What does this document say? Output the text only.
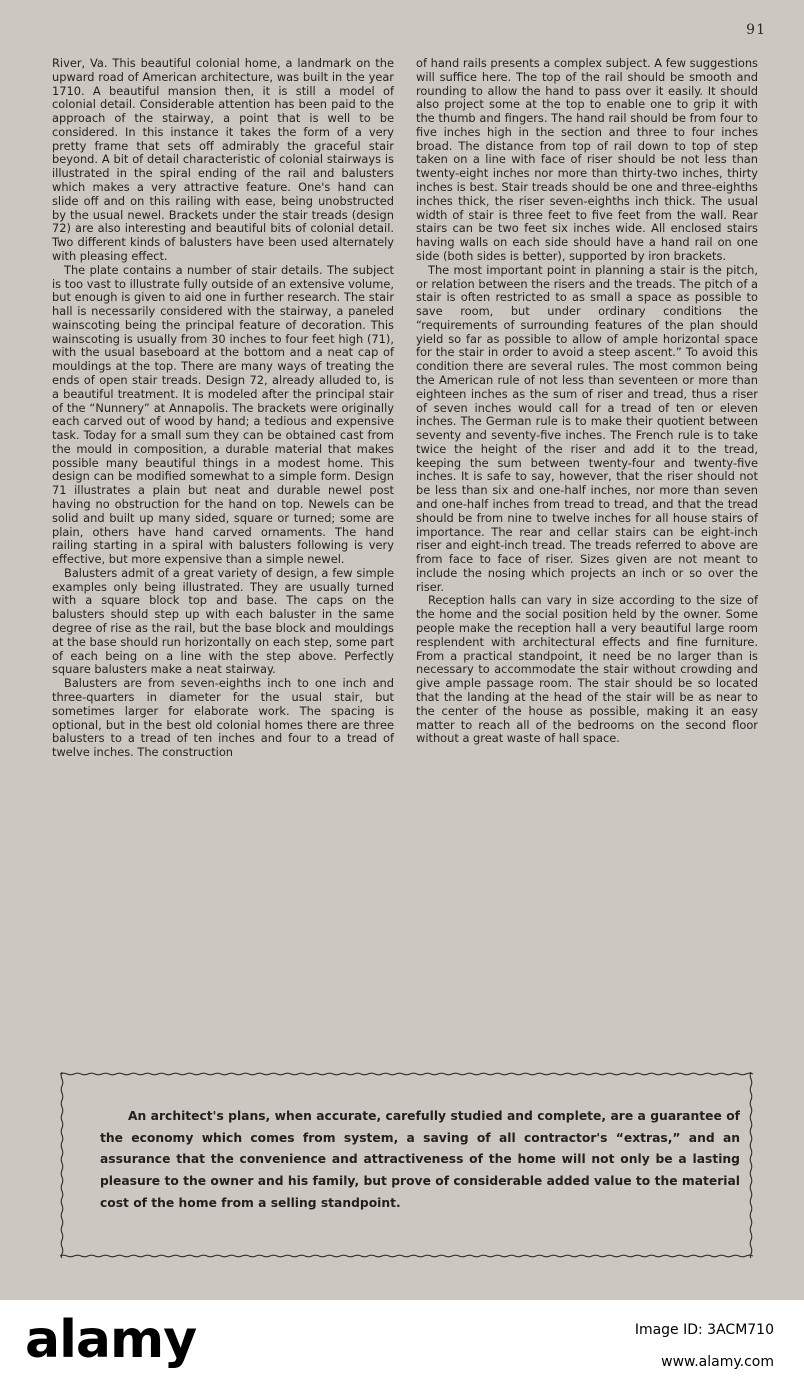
91

River, Va. This beautiful colonial home, a landmark on the upward road of American architecture, was built in the year 1710. A beautiful mansion then, it is still a model of colonial detail. Considerable attention has been paid to the approach of the stairway, a point that is well to be considered. In this instance it takes the form of a very pretty frame that sets off admirably the graceful stair beyond. A bit of detail characteristic of colonial stairways is illustrated in the spiral ending of the rail and balusters which makes a very attractive feature. One's hand can slide off and on this railing with ease, being unobstructed by the usual newel. Brackets under the stair treads (design 72) are also interesting and beautiful bits of colonial detail. Two different kinds of balusters have been used alternately with pleasing effect.

The plate contains a number of stair details. The subject is too vast to illustrate fully outside of an extensive volume, but enough is given to aid one in further research. The stair hall is necessarily considered with the stairway, a paneled wainscoting being the principal feature of decoration. This wainscoting is usually from 30 inches to four feet high (71), with the usual baseboard at the bottom and a neat cap of mouldings at the top. There are many ways of treating the ends of open stair treads. Design 72, already alluded to, is a beautiful treatment. It is modeled after the principal stair of the “Nunnery” at Annapolis. The brackets were originally each carved out of wood by hand; a tedious and expensive task. Today for a small sum they can be obtained cast from the mould in composition, a durable material that makes possible many beautiful things in a modest home. This design can be modified somewhat to a simple form. Design 71 illustrates a plain but neat and durable newel post having no obstruction for the hand on top. Newels can be solid and built up many sided, square or turned; some are plain, others have hand carved ornaments. The hand railing starting in a spiral with balusters following is very effective, but more expensive than a simple newel.

Balusters admit of a great variety of design, a few simple examples only being illustrated. They are usually turned with a square block top and base. The caps on the balusters should step up with each baluster in the same degree of rise as the rail, but the base block and mouldings at the base should run horizontally on each step, some part of each being on a line with the step above. Perfectly square balusters make a neat stairway.

Balusters are from seven-eighths inch to one inch and three-quarters in diameter for the usual stair, but sometimes larger for elaborate work. The spacing is optional, but in the best old colonial homes there are three balusters to a tread of ten inches and four to a tread of twelve inches. The construction

of hand rails presents a complex subject. A few suggestions will suffice here. The top of the rail should be smooth and rounding to allow the hand to pass over it easily. It should also project some at the top to enable one to grip it with the thumb and fingers. The hand rail should be from four to five inches high in the section and three to four inches broad. The distance from top of rail down to top of step taken on a line with face of riser should be not less than twenty-eight inches nor more than thirty-two inches, thirty inches is best. Stair treads should be one and three-eighths inches thick, the riser seven-eighths inch thick. The usual width of stair is three feet to five feet from the wall. Rear stairs can be two feet six inches wide. All enclosed stairs having walls on each side should have a hand rail on one side (both sides is better), supported by iron brackets.

The most important point in planning a stair is the pitch, or relation between the risers and the treads. The pitch of a stair is often restricted to as small a space as possible to save room, but under ordinary conditions the “requirements of surrounding features of the plan should yield so far as possible to allow of ample horizontal space for the stair in order to avoid a steep ascent.” To avoid this condition there are several rules. The most common being the American rule of not less than seventeen or more than eighteen inches as the sum of riser and tread, thus a riser of seven inches would call for a tread of ten or eleven inches. The German rule is to make their quotient between seventy and seventy-five inches. The French rule is to take twice the height of the riser and add it to the tread, keeping the sum between twenty-four and twenty-five inches. It is safe to say, however, that the riser should not be less than six and one-half inches, nor more than seven and one-half inches from tread to tread, and that the tread should be from nine to twelve inches for all house stairs of importance. The rear and cellar stairs can be eight-inch riser and eight-inch tread. The treads referred to above are from face to face of riser. Sizes given are not meant to include the nosing which projects an inch or so over the riser.

Reception halls can vary in size according to the size of the home and the social position held by the owner. Some people make the reception hall a very beautiful large room resplendent with architectural effects and fine furniture. From a practical standpoint, it need be no larger than is necessary to accommodate the stair without crowding and give ample passage room. The stair should be so located that the landing at the head of the stair will be as near to the center of the house as possible, making it an easy matter to reach all of the bedrooms on the second floor without a great waste of hall space.

An architect's plans, when accurate, carefully studied and complete, are a guarantee of the economy which comes from system, a saving of all contractor's “extras,” and an assurance that the convenience and attractiveness of the home will not only be a lasting pleasure to the owner and his family, but prove of considerable added value to the material cost of the home from a selling standpoint.
alamy	Image ID: 3ACM710
www.alamy.com
